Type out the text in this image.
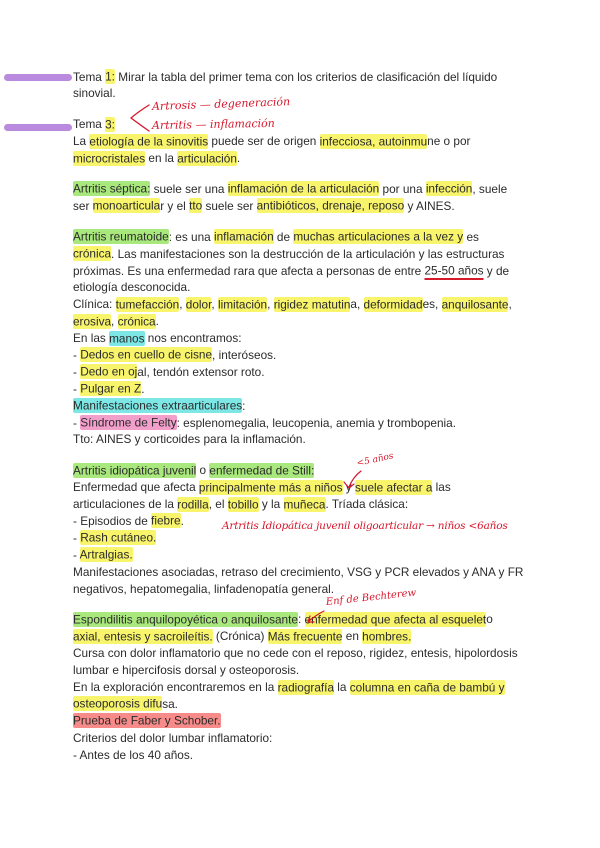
Tema 1: Mirar la tabla del primer tema con los criterios de clasificación del líquido
sinovial.
Tema 3:
La etiología de la sinovitis puede ser de origen infecciosa, autoinmune o por
microcristales en la articulación.
Artritis séptica: suele ser una inflamación de la articulación por una infección, suele
ser monoarticular y el tto suele ser antibióticos, drenaje, reposo y AINES.
Artritis reumatoide: es una inflamación de muchas articulaciones a la vez y es
crónica. Las manifestaciones son la destrucción de la articulación y las estructuras
próximas. Es una enfermedad rara que afecta a personas de entre 25-50 años y de
etiología desconocida.
Clínica: tumefacción, dolor, limitación, rigidez matutina, deformidades, anquilosante,
erosiva, crónica.
En las manos nos encontramos:
- Dedos en cuello de cisne, interóseos.
- Dedo en ojal, tendón extensor roto.
- Pulgar en Z.
Manifestaciones extraarticulares:
- Síndrome de Felty: esplenomegalia, leucopenia, anemia y trombopenia.
Tto: AINES y corticoides para la inflamación.
Artritis idiopática juvenil o enfermedad de Still:
Enfermedad que afecta principalmente más a niños y suele afectar a las
articulaciones de la rodilla, el tobillo y la muñeca. Tríada clásica:
- Episodios de fiebre.
- Rash cutáneo.
- Artralgias.
Manifestaciones asociadas, retraso del crecimiento, VSG y PCR elevados y ANA y FR
negativos, hepatomegalia, linfadenopatía general.
Espondilitis anquilopoyética o anquilosante: enfermedad que afecta al esqueleto
axial, entesis y sacroileítis. (Crónica) Más frecuente en hombres.
Cursa con dolor inflamatorio que no cede con el reposo, rigidez, entesis, hipolordosis
lumbar e hipercifosis dorsal y osteoporosis.
En la exploración encontraremos en la radiografía la columna en caña de bambú y
osteoporosis difusa.
Prueba de Faber y Schober.
Criterios del dolor lumbar inflamatorio:
- Antes de los 40 años.
Artrosis — degeneración
Artritis — inflamación
<5 años
Artritis Idiopática juvenil oligoarticular → niños <6años
Enf de Bechterew
